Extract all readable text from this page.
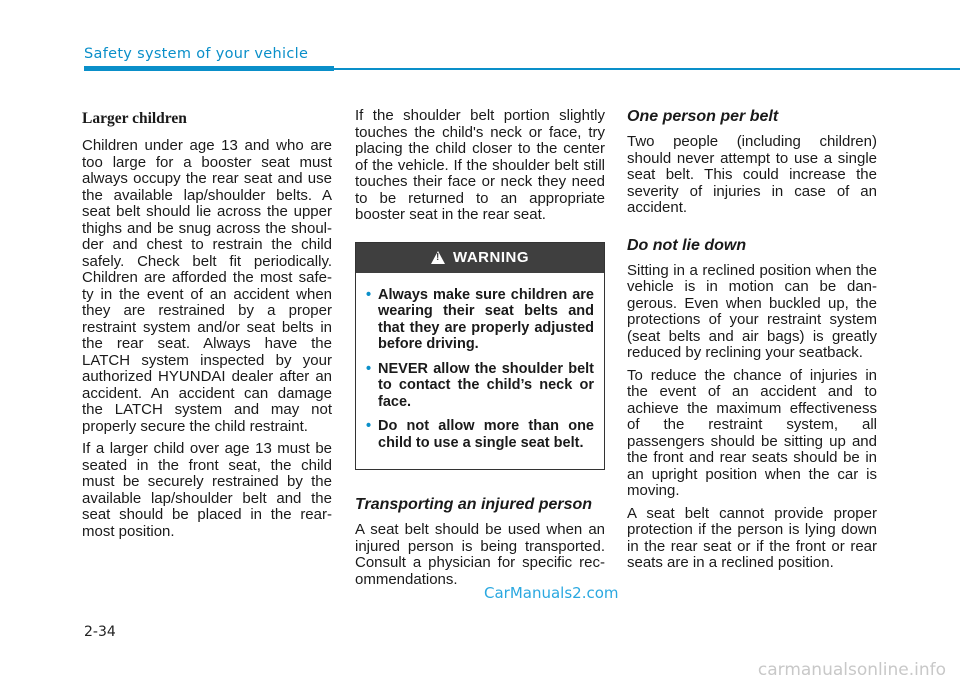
Safety system of your vehicle
Larger children

Children under age 13 and who are too large for a booster seat must always occupy the rear seat and use the available lap/shoulder belts. A seat belt should lie across the upper thighs and be snug across the shoul-der and chest to restrain the child safely. Check belt fit periodically. Children are afforded the most safe-ty in the event of an accident when they are restrained by a proper restraint system and/or seat belts in the rear seat. Always have the LATCH system inspected by your authorized HYUNDAI dealer after an accident. An accident can damage the LATCH system and may not properly secure the child restraint.

If a larger child over age 13 must be seated in the front seat, the child must be securely restrained by the available lap/shoulder belt and the seat should be placed in the rear-most position.

If the shoulder belt portion slightly touches the child's neck or face, try placing the child closer to the center of the vehicle. If the shoulder belt still touches their face or neck they need to be returned to an appropriate booster seat in the rear seat.

!
WARNING
• Always make sure children are wearing their seat belts and that they are properly adjusted before driving.
• NEVER allow the shoulder belt to contact the child’s neck or face.
• Do not allow more than one child to use a single seat belt.
Transporting an injured person

A seat belt should be used when an injured person is being transported. Consult a physician for specific rec-ommendations.

One person per belt

Two people (including children) should never attempt to use a single seat belt. This could increase the severity of injuries in case of an accident.

Do not lie down

Sitting in a reclined position when the vehicle is in motion can be dan-gerous. Even when buckled up, the protections of your restraint system (seat belts and air bags) is greatly reduced by reclining your seatback.

To reduce the chance of injuries in the event of an accident and to achieve the maximum effectiveness of the restraint system, all passengers should be sitting up and the front and rear seats should be in an upright position when the car is moving.

A seat belt cannot provide proper protection if the person is lying down in the rear seat or if the front or rear seats are in a reclined position.

CarManuals2.com
2-34
carmanualsonline.info
